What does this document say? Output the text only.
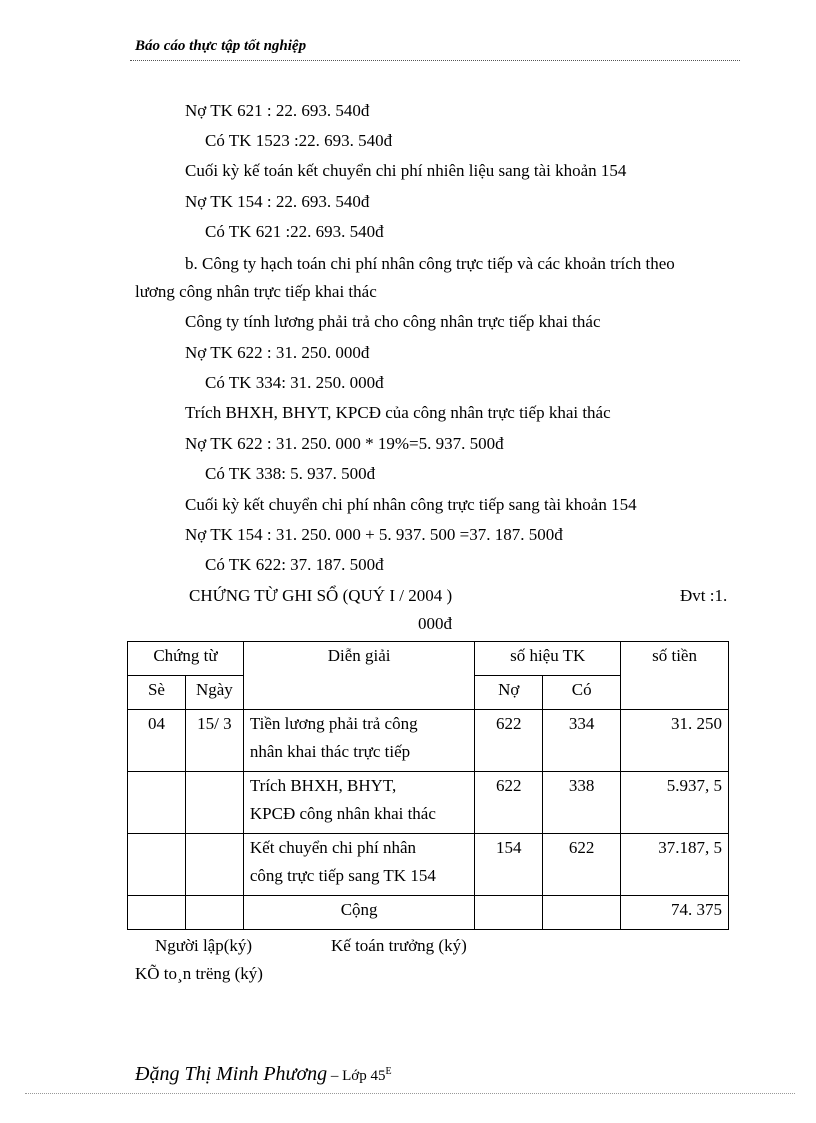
Báo cáo thực tập tốt nghiệp
Nợ TK 621 : 22. 693. 540đ
Có TK 1523 :22. 693. 540đ
Cuối kỳ kế toán kết chuyển chi phí nhiên liệu sang tài khoản 154
Nợ TK 154 : 22. 693. 540đ
Có TK 621 :22. 693. 540đ
b. Công ty hạch toán chi phí nhân công trực tiếp và các khoản trích theo
lương công nhân trực tiếp khai thác
Công ty tính lương phải trả cho công nhân trực tiếp khai thác
Nợ TK 622 : 31. 250. 000đ
Có TK 334: 31. 250. 000đ
Trích BHXH, BHYT, KPCĐ của công nhân trực tiếp khai thác
Nợ TK 622 : 31. 250. 000 * 19%=5. 937. 500đ
Có TK 338: 5. 937. 500đ
Cuối kỳ kết chuyển chi phí nhân công trực tiếp sang tài khoản 154
Nợ TK 154 : 31. 250. 000 + 5. 937. 500 =37. 187. 500đ
Có TK 622: 37. 187. 500đ
CHỨNG TỪ GHI SỔ (QUÝ I / 2004 )	Đvt :1.
000đ
Chứng từ		Diễn giải	số hiệu TK		số tiền
Sè	Ngày		Nợ	Có	
04	15/ 3	Tiền lương phải trả công
nhân khai thác trực tiếp	622	334	31. 250

		Trích BHXH, BHYT,
KPCĐ công nhân khai thác	622	338	5.937, 5

		Kết chuyển chi phí nhân
công trực tiếp sang TK 154	154	622	37.187, 5
		Cộng			74. 375
Người lập(ký)	Kế toán trưởng (ký)
KÕ to¸n trëng (ký)
Đặng Thị Minh Phương – Lớp $45^E$
